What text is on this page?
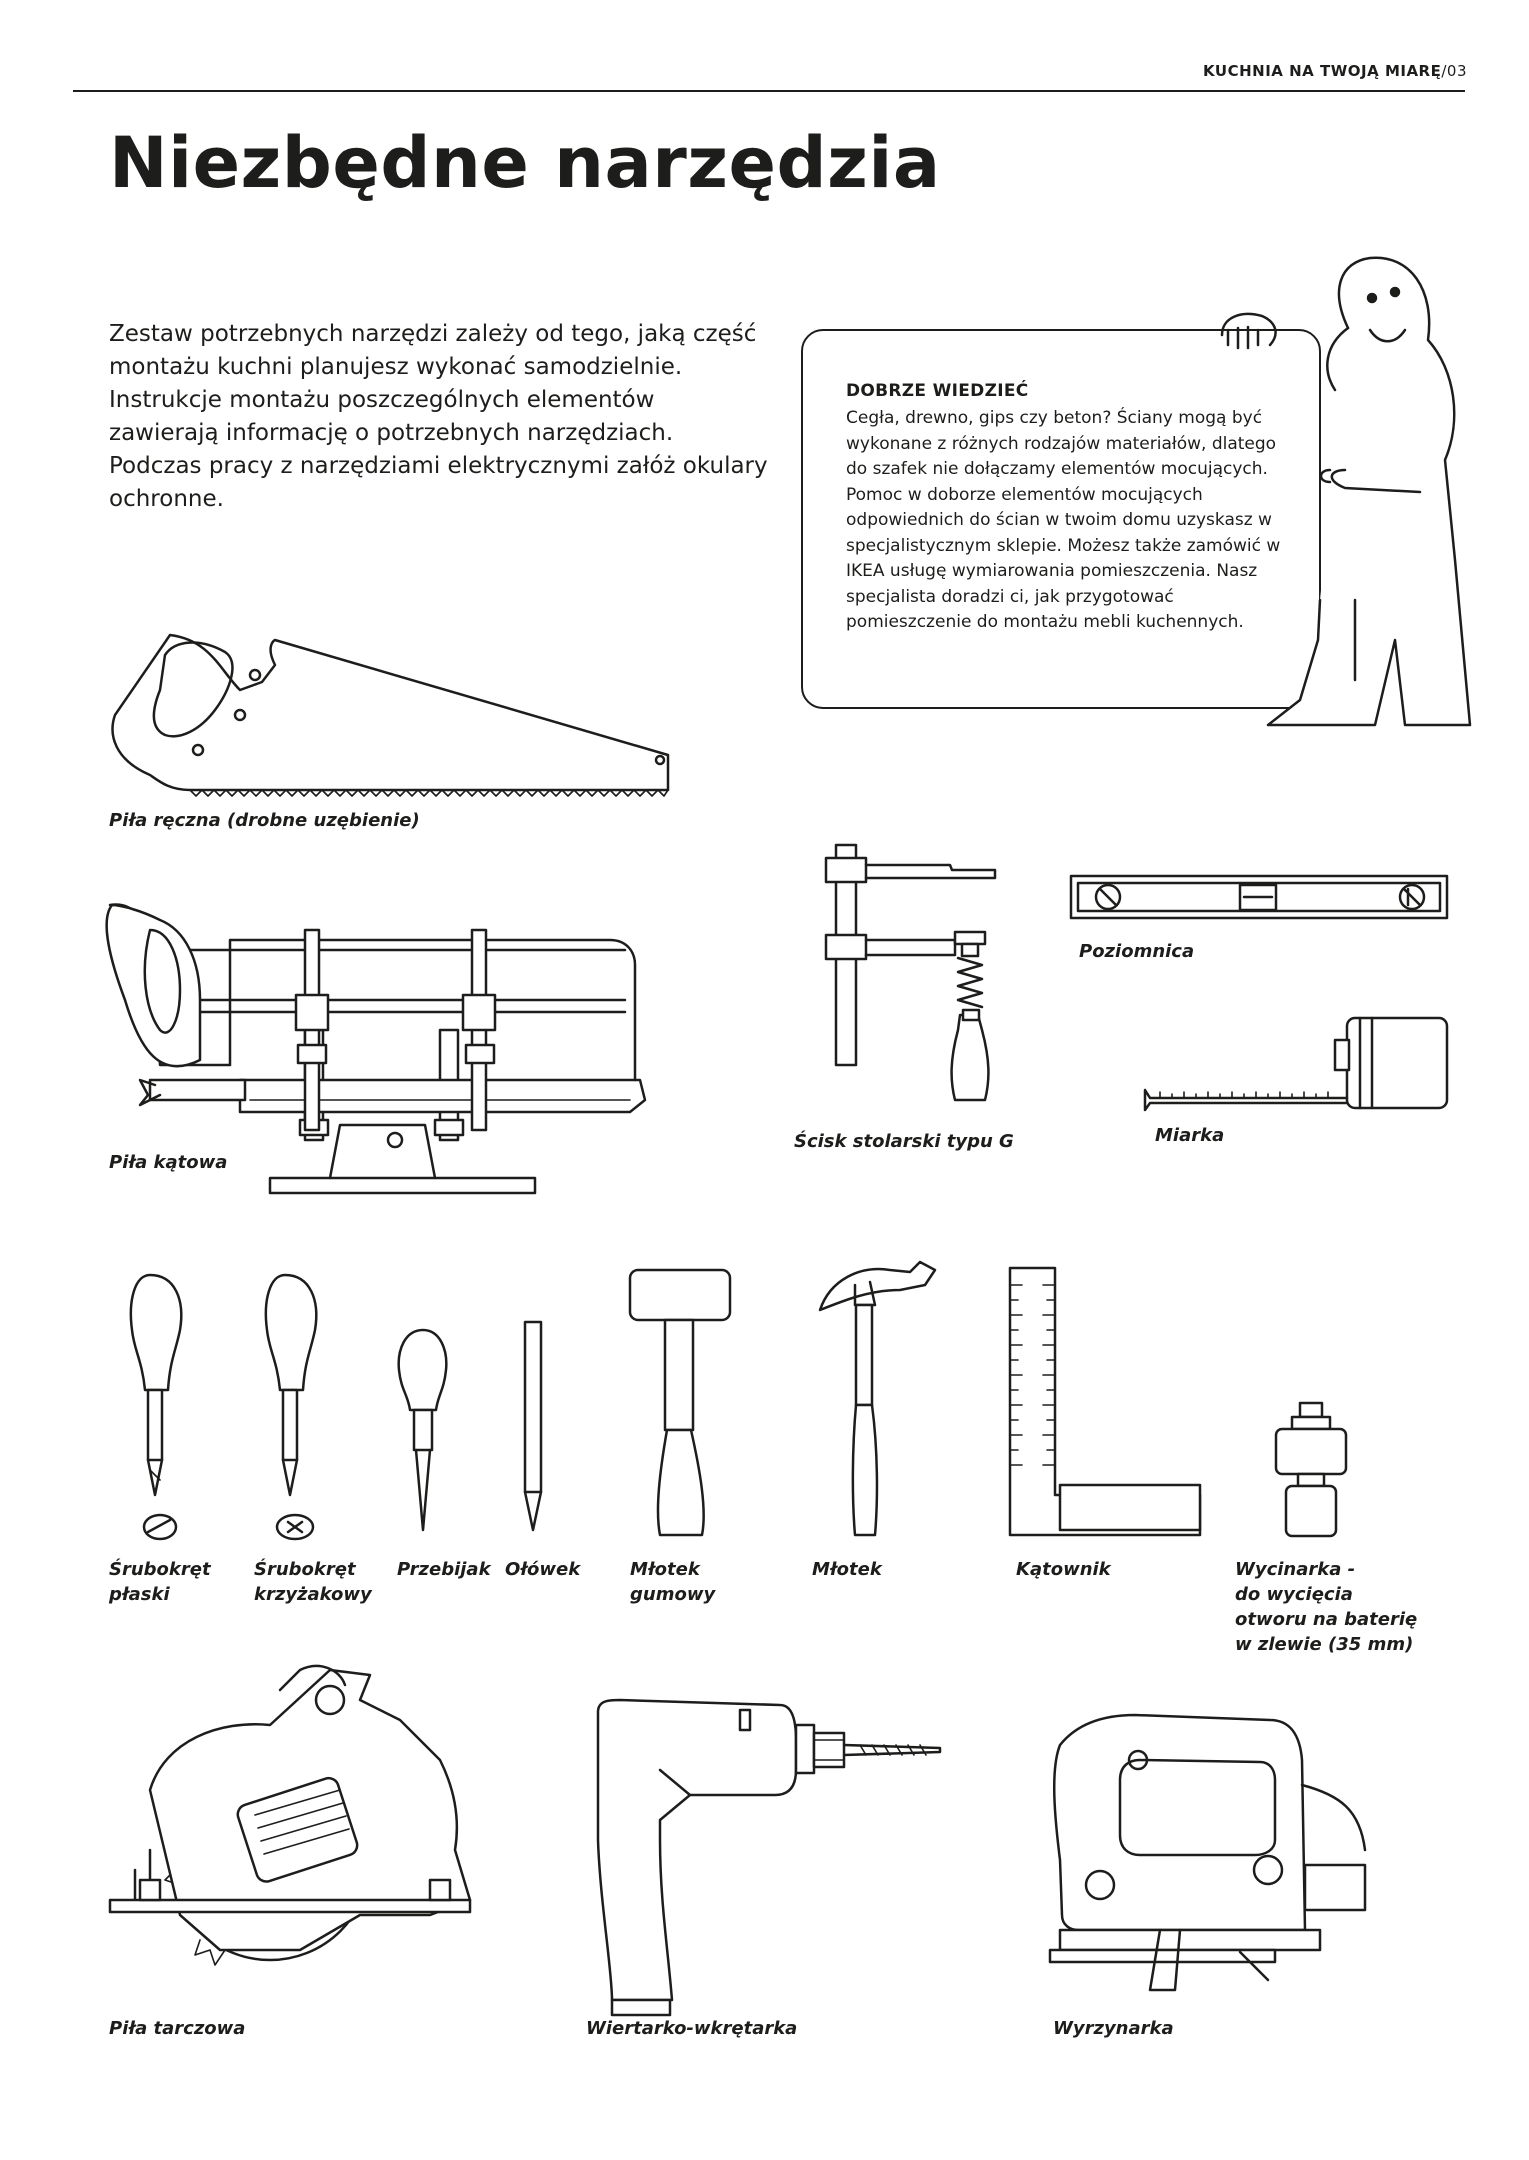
KUCHNIA NA TWOJĄ MIARĘ/03
Niezbędne narzędzia
Zestaw potrzebnych narzędzi zależy od tego, jaką część montażu kuchni planujesz wykonać samodzielnie. Instrukcje montażu poszczególnych elementów zawierają informację o potrzebnych narzędziach. Podczas pracy z narzędziami elektrycznymi załóż okulary ochronne.
DOBRZE WIEDZIEĆ
Cegła, drewno, gips czy beton? Ściany mogą być wykonane z różnych rodzajów materiałów, dlatego do szafek nie dołączamy elementów mocujących. Pomoc w doborze elementów mocujących odpowiednich do ścian w twoim domu uzyskasz w specjalistycznym sklepie. Możesz także zamówić w IKEA usługę wymiarowania pomieszczenia. Nasz specjalista doradzi ci, jak przygotować pomieszczenie do montażu mebli kuchennych.
Piła ręczna (drobne uzębienie)
Piła kątowa
Ścisk stolarski typu G
Poziomnica
Miarka
Śrubokręt
płaski
Śrubokręt
krzyżakowy
Przebijak Ołówek	Młotek
gumowy
Młotek	Kątownik	Wycinarka -
do wycięcia
otworu na baterię
w zlewie (35 mm)
Piła tarczowa	Wiertarko-wkrętarka	Wyrzynarka
